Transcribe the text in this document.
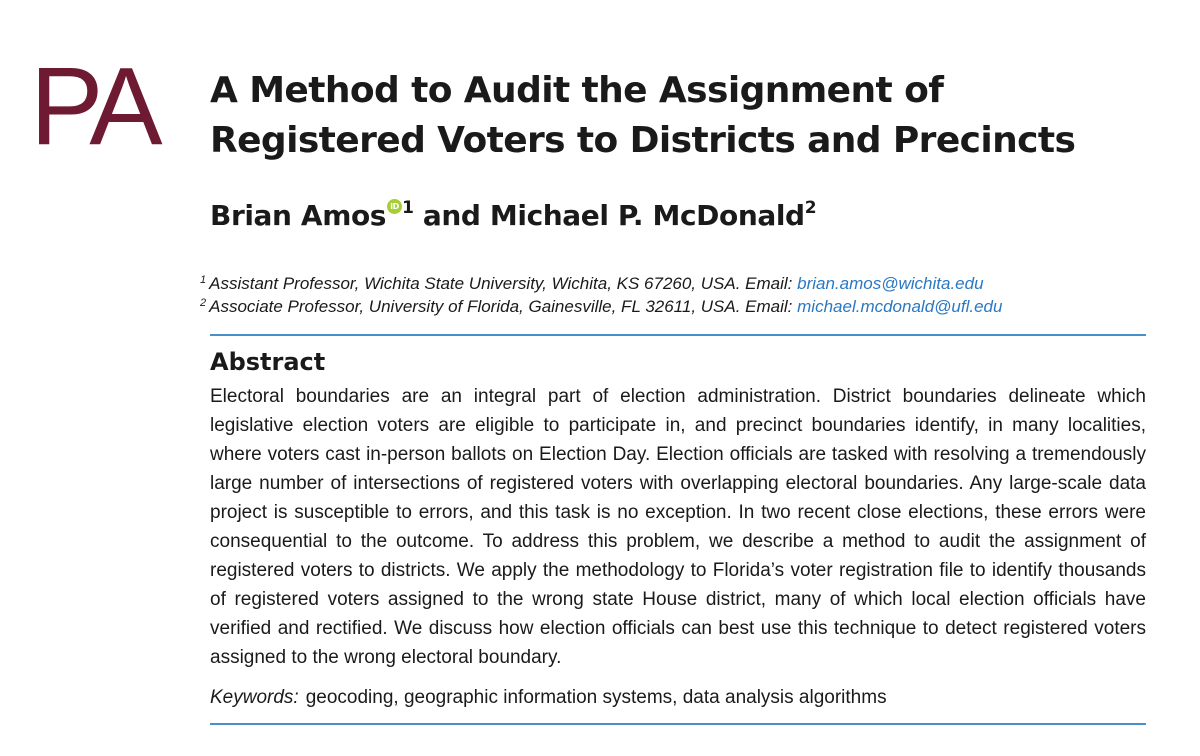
PA A Method to Audit the Assignment of Registered Voters to Districts and Precincts
Brian Amos iD $^1$ and Michael P. McDonald$^2$
$^1$ Assistant Professor, Wichita State University, Wichita, KS 67260, USA. Email: brian.amos@wichita.edu
$^2$ Associate Professor, University of Florida, Gainesville, FL 32611, USA. Email: michael.mcdonald@ufl.edu
Abstract

Electoral boundaries are an integral part of election administration. District boundaries delineate which legislative election voters are eligible to participate in, and precinct boundaries identify, in many localities, where voters cast in-person ballots on Election Day. Election officials are tasked with resolving a tremendously large number of intersections of registered voters with overlapping electoral boundaries. Any large-scale data project is susceptible to errors, and this task is no exception. In two recent close elections, these errors were consequential to the outcome. To address this problem, we describe a method to audit the assignment of registered voters to districts. We apply the methodology to Florida’s voter registration file to identify thousands of registered voters assigned to the wrong state House district, many of which local election officials have verified and rectified. We discuss how election officials can best use this technique to detect registered voters assigned to the wrong electoral boundary.

Keywords: geocoding, geographic information systems, data analysis algorithms
